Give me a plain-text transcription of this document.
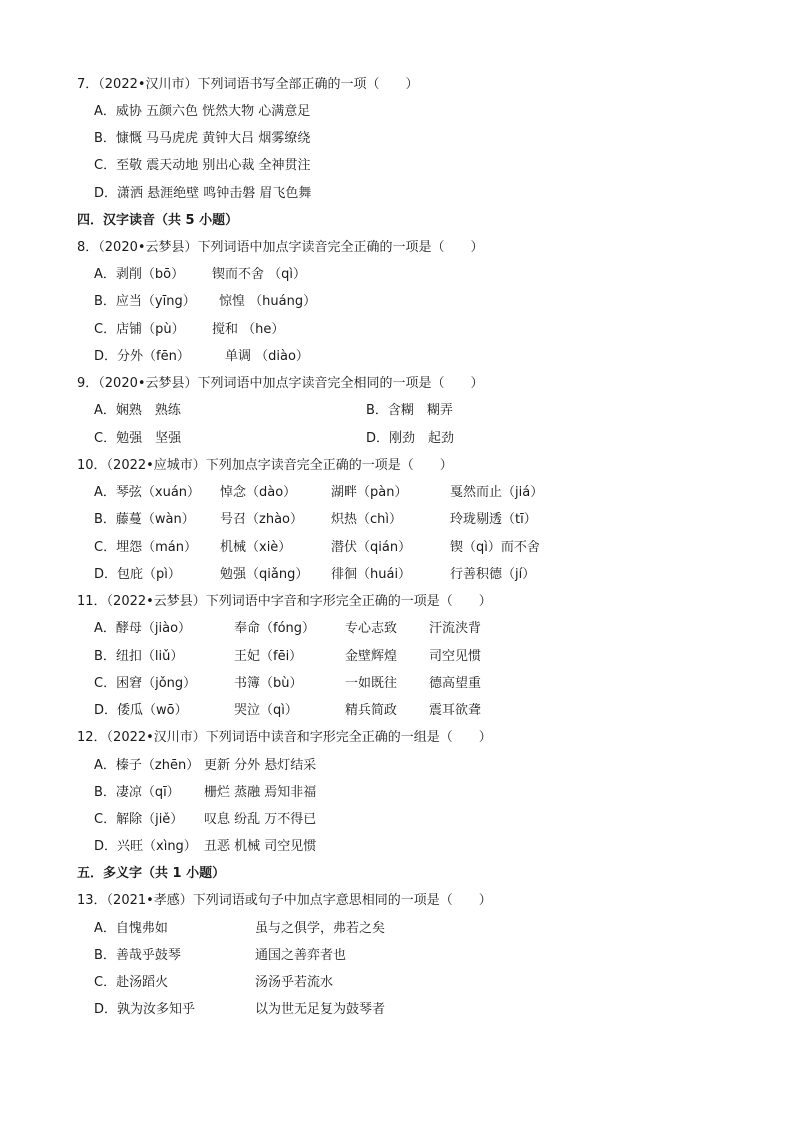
7．（2022•汉川市）下列词语书写全部正确的一项（　　）
A．威协 五颜六色 恍然大物 心满意足
B．慷慨 马马虎虎 黄钟大吕 烟雾缭绕
C．至敬 震天动地 别出心裁 全神贯注
D．潇洒 悬涯绝壁 鸣钟击磐 眉飞色舞
四．汉字读音（共 5 小题）
8．（2020•云梦县）下列词语中加点字读音完全正确的一项是（　　）
A．剥削（bō） 锲而不舍 （qì）
B．应当（yīng） 惊惶 （huáng）
C．店铺（pù） 搅和 （he）
D．分外（fēn）	单调 （diào）
9．（2020•云梦县）下列词语中加点字读音完全相同的一项是（　　）
A．娴熟　熟练	B．含糊　糊弄
C．勉强　坚强	D．刚劲　起劲
10．（2022•应城市）下列加点字读音完全正确的一项是（　　）
A．琴弦（xuán） 悼念（dào）	湖畔（pàn）	戛然而止（jiá）
B．藤蔓（wàn） 号召（zhào） 炽热（chì）	玲珑剔透（tī）
C．埋怨（mán） 机械（xiè）	潜伏（qián）	锲（qì）而不舍
D．包庇（pì）	勉强（qiǎng） 徘徊（huái）	行善积德（jí）
11．（2022•云梦县）下列词语中字音和字形完全正确的一项是（　　）
A．酵母（jiào）	奉命（fóng） 专心志致 汗流浃背
B．纽扣（liǔ）	王妃（fēi）	金壁辉煌 司空见惯
C．困窘（jǒng）	书簿（bù）	一如既往 德高望重
D．倭瓜（wō）	哭泣（qì）	精兵简政 震耳欲聋
12．（2022•汉川市）下列词语中读音和字形完全正确的一组是（　　）
A．榛子（zhēn） 更新 分外 悬灯结采
B．凄凉（qī） 栅烂 蒸融 焉知非福
C．解除（jiě） 叹息 纷乱 万不得已
D．兴旺（xìng） 丑恶 机械 司空见惯
五．多义字（共 1 小题）
13．（2021•孝感）下列词语或句子中加点字意思相同的一项是（　　）
A．自愧弗如	虽与之俱学，弗若之矣
B．善哉乎鼓琴	通国之善弈者也
C．赴汤蹈火	汤汤乎若流水
D．孰为汝多知乎	以为世无足复为鼓琴者
